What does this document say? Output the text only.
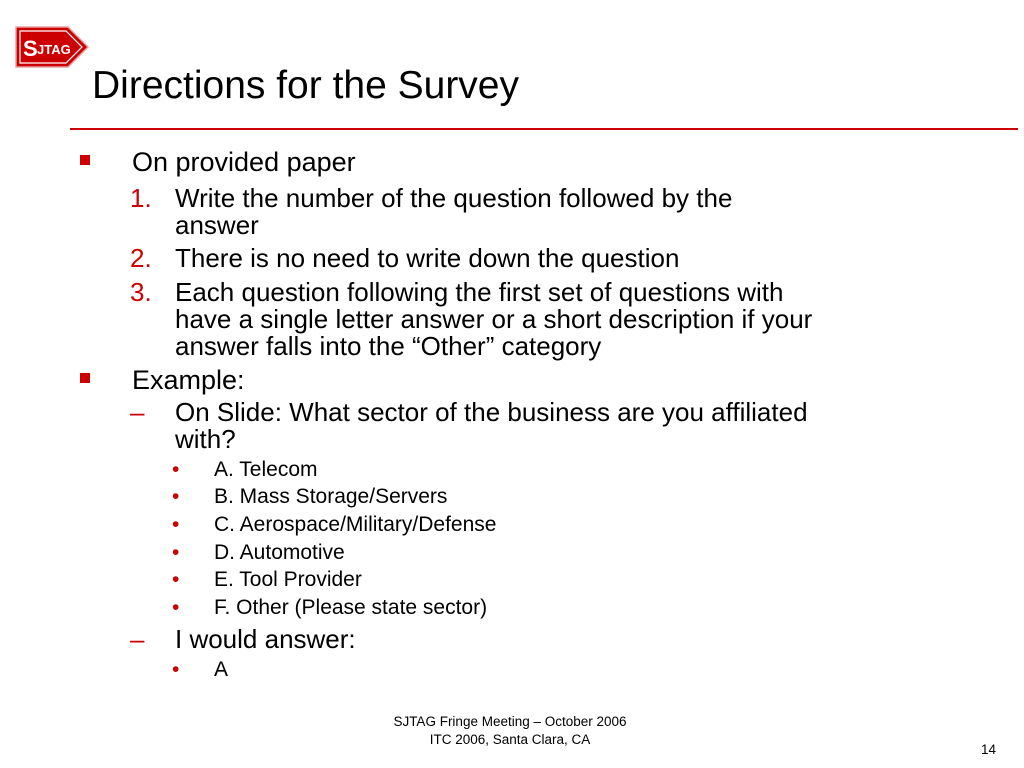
S JTAG
Directions for the Survey
On provided paper
1. Write the number of the question followed by the
answer
2. There is no need to write down the question
3. Each question following the first set of questions with
have a single letter answer or a short description if your
answer falls into the “Other” category
Example:
– On Slide: What sector of the business are you affiliated
with?
• A. Telecom
• B. Mass Storage/Servers
• C. Aerospace/Military/Defense
• D. Automotive
• E. Tool Provider
• F. Other (Please state sector)
– I would answer:
• A
SJTAG Fringe Meeting – October 2006
ITC 2006, Santa Clara, CA
14
